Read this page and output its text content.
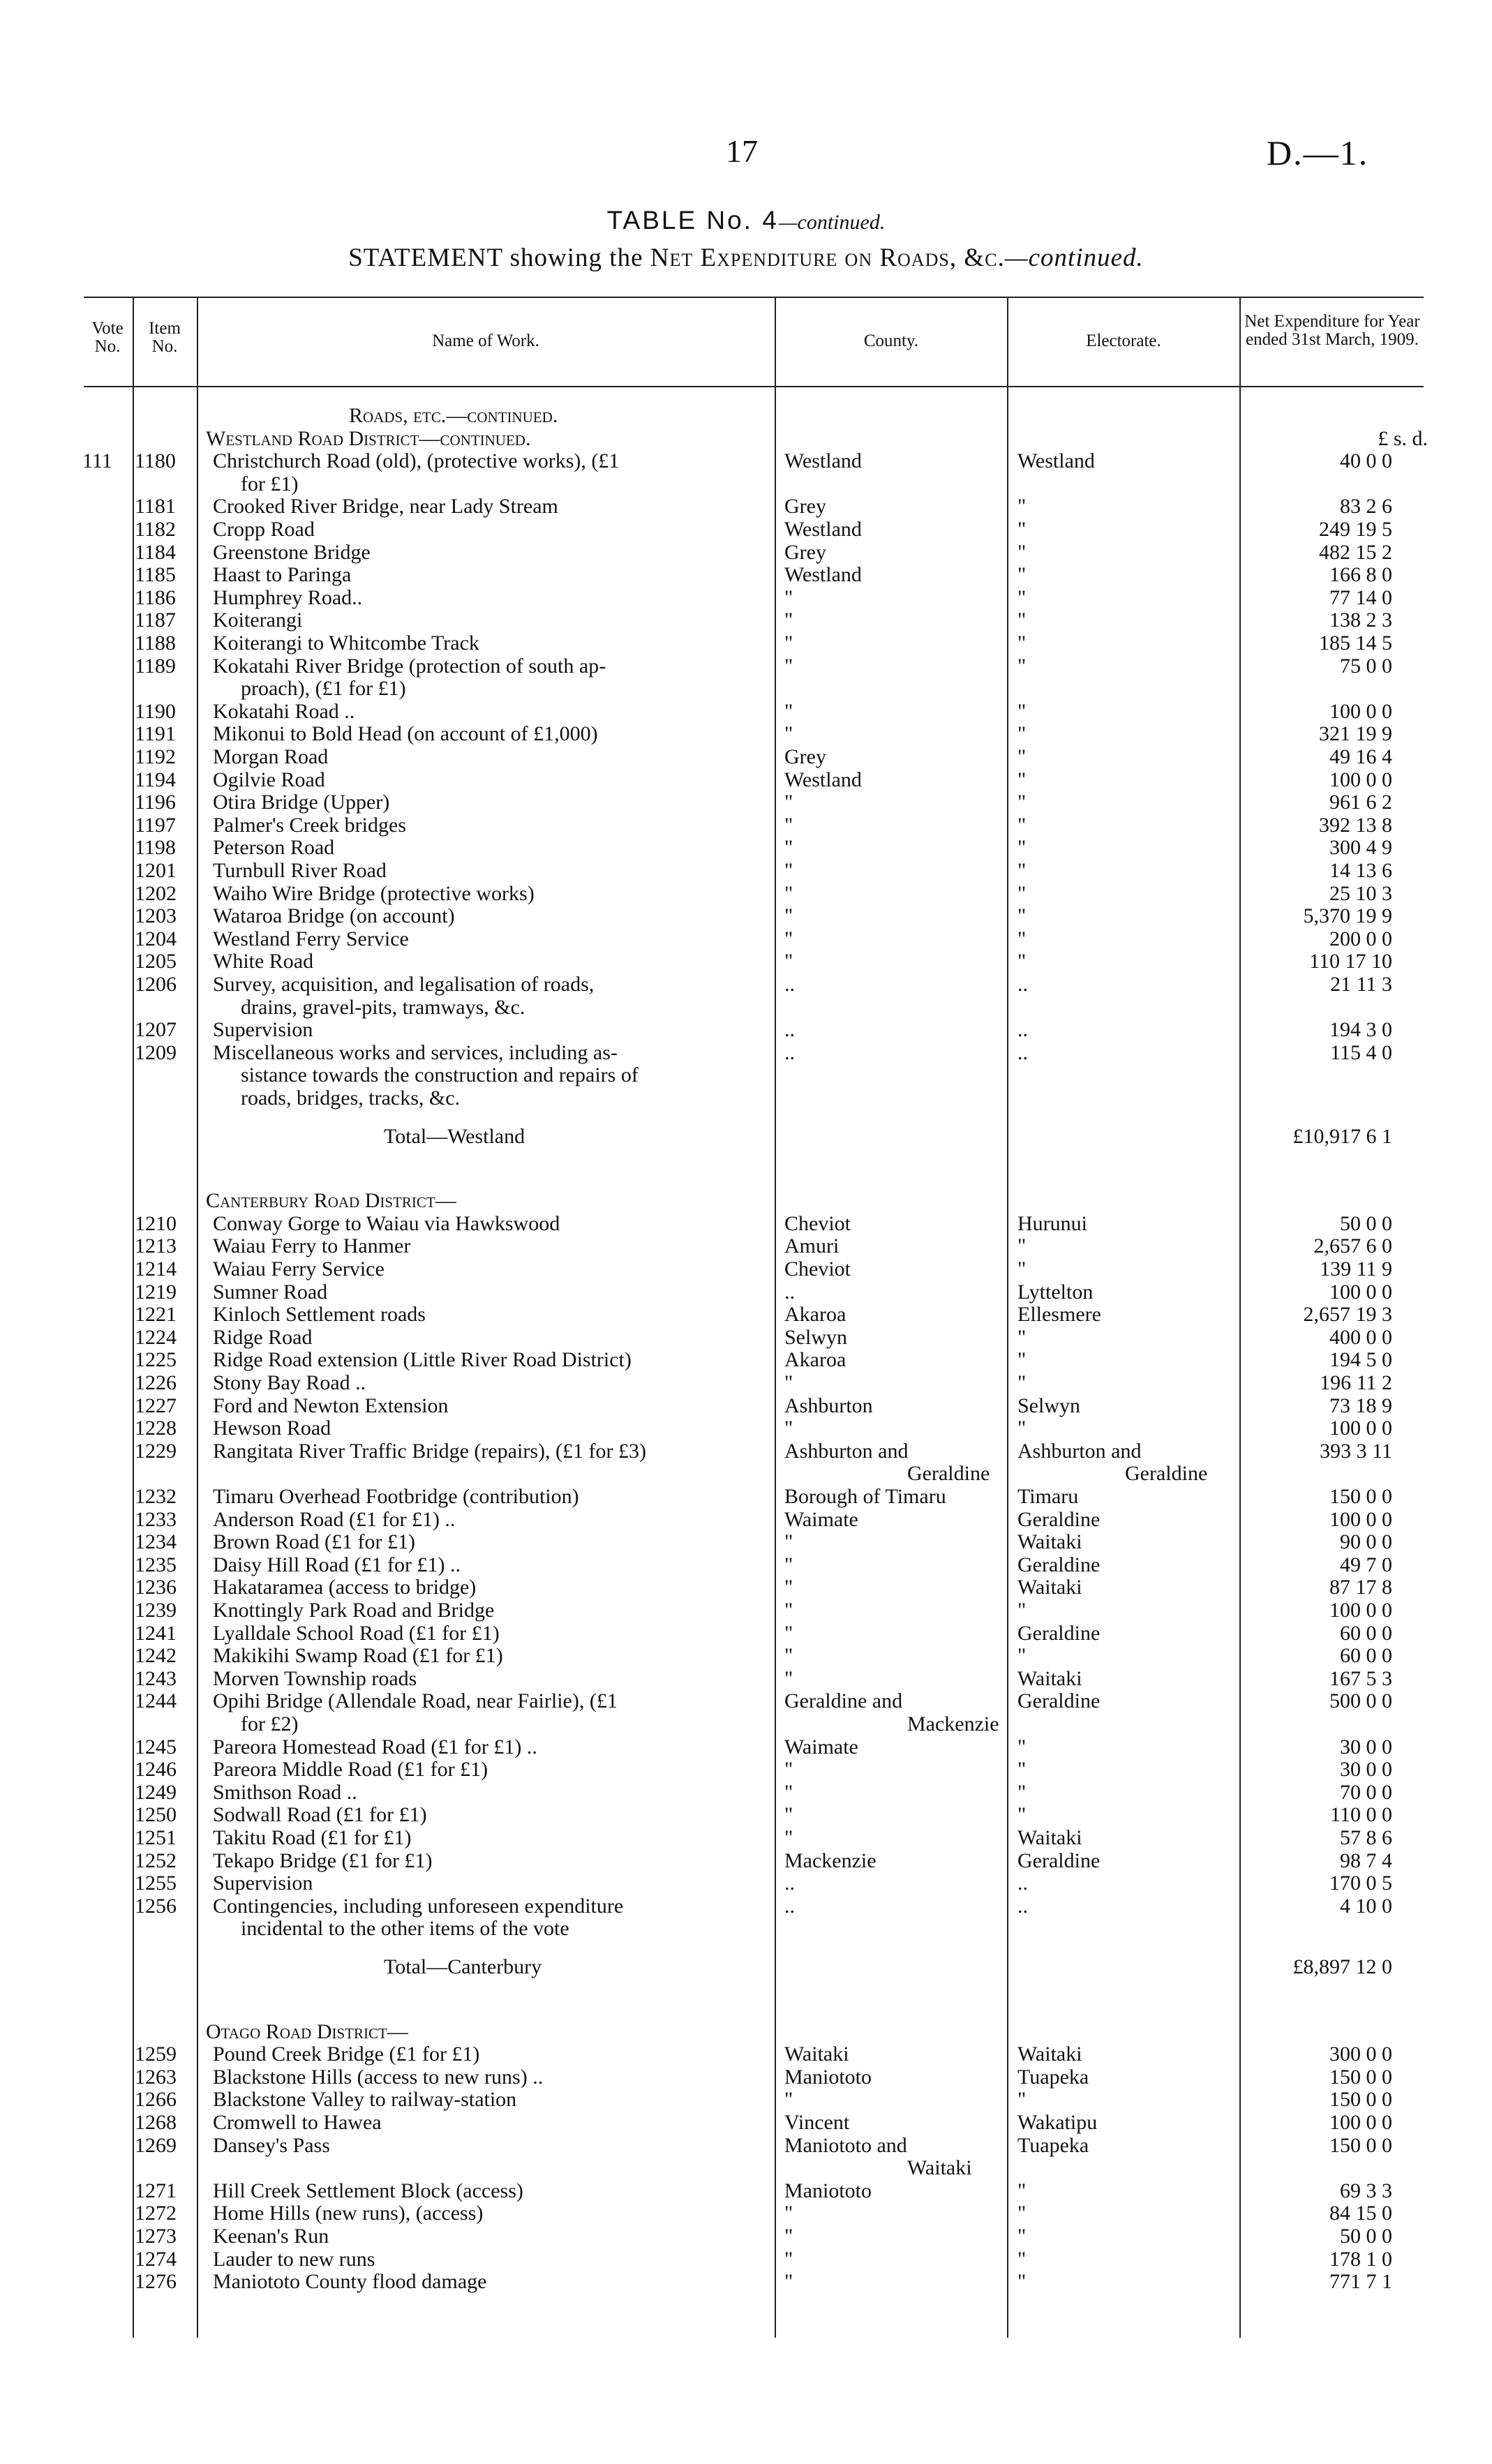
17	D.—1.
TABLE No. 4—continued.
STATEMENT showing the Net Expenditure on Roads, &c.—continued.
Vote No.
Item No.	Name of Work.	County.	Electorate.
Net Expenditure for Year ended 31st March, 1909.
Roads, etc.—continued.
Westland Road District—continued.	£ s. d.
111 1180 Christchurch Road (old), (protective works), (£1	Westland	Westland	40 0 0
for £1)
1181 Crooked River Bridge, near Lady Stream	Grey	"	83 2 6
1182 Cropp Road	Westland	"	249 19 5
1184 Greenstone Bridge	Grey	"	482 15 2
1185 Haast to Paringa	Westland	"	166 8 0
1186 Humphrey Road..	"	"	77 14 0
1187 Koiterangi	"	"	138 2 3
1188 Koiterangi to Whitcombe Track	"	"	185 14 5
1189 Kokatahi River Bridge (protection of south ap-	"	"	75 0 0
proach), (£1 for £1)
1190 Kokatahi Road ..	"	"	100 0 0
1191 Mikonui to Bold Head (on account of £1,000)	"	"	321 19 9
1192 Morgan Road	Grey	"	49 16 4
1194 Ogilvie Road	Westland	"	100 0 0
1196 Otira Bridge (Upper)	"	"	961 6 2
1197 Palmer's Creek bridges	"	"	392 13 8
1198 Peterson Road	"	"	300 4 9
1201 Turnbull River Road	"	"	14 13 6
1202 Waiho Wire Bridge (protective works)	"	"	25 10 3
1203 Wataroa Bridge (on account)	"	"	5,370 19 9
1204 Westland Ferry Service	"	"	200 0 0
1205 White Road	"	"	110 17 10
1206 Survey, acquisition, and legalisation of roads,	..	..	21 11 3
drains, gravel-pits, tramways, &c.
1207 Supervision	..	..	194 3 0
1209 Miscellaneous works and services, including as-	..	..	115 4 0
sistance towards the construction and repairs of
roads, bridges, tracks, &c.
Total—Westland	£10,917 6 1
Canterbury Road District—
1210 Conway Gorge to Waiau via Hawkswood	Cheviot	Hurunui	50 0 0
1213 Waiau Ferry to Hanmer	Amuri	"	2,657 6 0
1214 Waiau Ferry Service	Cheviot	"	139 11 9
1219 Sumner Road	..	Lyttelton	100 0 0
1221 Kinloch Settlement roads	Akaroa	Ellesmere	2,657 19 3
1224 Ridge Road	Selwyn	"	400 0 0
1225 Ridge Road extension (Little River Road District)	Akaroa	"	194 5 0
1226 Stony Bay Road ..	"	"	196 11 2
1227 Ford and Newton Extension	Ashburton	Selwyn	73 18 9
1228 Hewson Road	"	"	100 0 0
1229 Rangitata River Traffic Bridge (repairs), (£1 for £3)	Ashburton and	Ashburton and	393 3 11
Geraldine	Geraldine
1232 Timaru Overhead Footbridge (contribution)	Borough of Timaru	Timaru	150 0 0
1233 Anderson Road (£1 for £1) ..	Waimate	Geraldine	100 0 0
1234 Brown Road (£1 for £1)	"	Waitaki	90 0 0
1235 Daisy Hill Road (£1 for £1) ..	"	Geraldine	49 7 0
1236 Hakataramea (access to bridge)	"	Waitaki	87 17 8
1239 Knottingly Park Road and Bridge	"	"	100 0 0
1241 Lyalldale School Road (£1 for £1)	"	Geraldine	60 0 0
1242 Makikihi Swamp Road (£1 for £1)	"	"	60 0 0
1243 Morven Township roads	"	Waitaki	167 5 3
1244 Opihi Bridge (Allendale Road, near Fairlie), (£1	Geraldine and	Geraldine	500 0 0
for £2)	Mackenzie
1245 Pareora Homestead Road (£1 for £1) ..	Waimate	"	30 0 0
1246 Pareora Middle Road (£1 for £1)	"	"	30 0 0
1249 Smithson Road ..	"	"	70 0 0
1250 Sodwall Road (£1 for £1)	"	"	110 0 0
1251 Takitu Road (£1 for £1)	"	Waitaki	57 8 6
1252 Tekapo Bridge (£1 for £1)	Mackenzie	Geraldine	98 7 4
1255 Supervision	..	..	170 0 5
1256 Contingencies, including unforeseen expenditure	..	..	4 10 0
incidental to the other items of the vote
Total—Canterbury	£8,897 12 0
Otago Road District—
1259 Pound Creek Bridge (£1 for £1)	Waitaki	Waitaki	300 0 0
1263 Blackstone Hills (access to new runs) ..	Maniototo	Tuapeka	150 0 0
1266 Blackstone Valley to railway-station	"	"	150 0 0
1268 Cromwell to Hawea	Vincent	Wakatipu	100 0 0
1269 Dansey's Pass	Maniototo and	Tuapeka	150 0 0
Waitaki
1271 Hill Creek Settlement Block (access)	Maniototo	"	69 3 3
1272 Home Hills (new runs), (access)	"	"	84 15 0
1273 Keenan's Run	"	"	50 0 0
1274 Lauder to new runs	"	"	178 1 0
1276 Maniototo County flood damage	"	"	771 7 1
